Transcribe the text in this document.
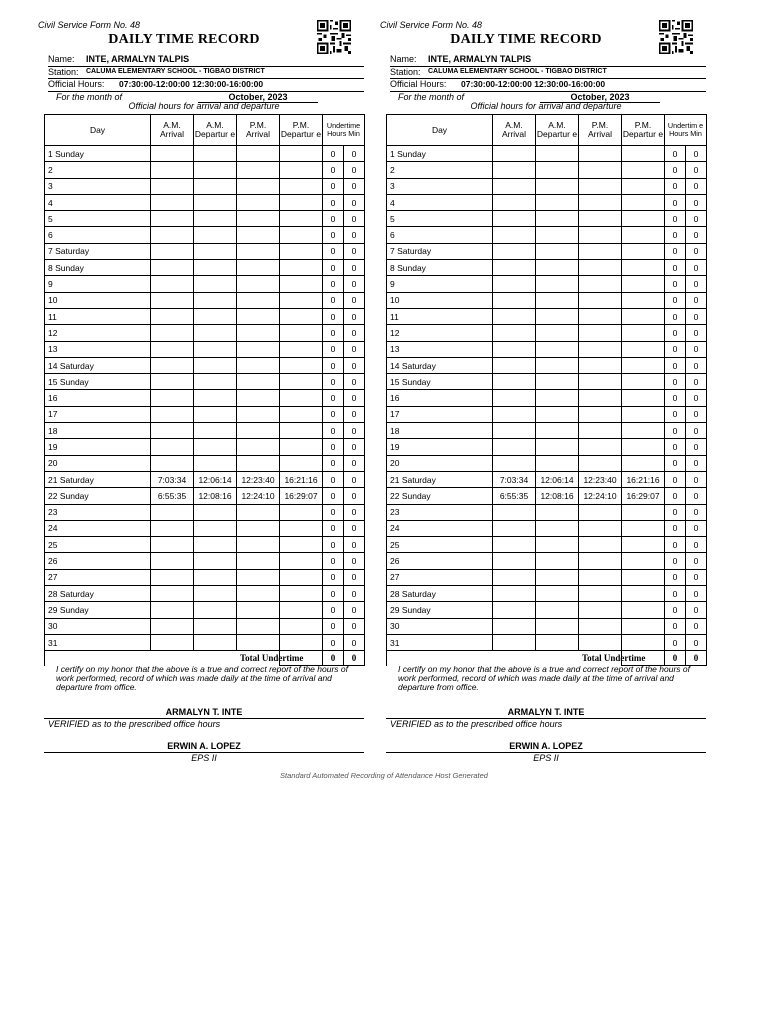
Civil Service Form No. 48
DAILY TIME RECORD
Name: INTE, ARMALYN TALPIS
Station: CALUMA ELEMENTARY SCHOOL - TIGBAO DISTRICT
Official Hours: 07:30:00-12:00:00 12:30:00-16:00:00
For the month of	October, 2023
Official hours for arrival and departure
Day	A.M. Arrival	A.M. Departur e	P.M. Arrival	P.M. Departur e	Undertime Hours Min
1 Sunday					0	0
2					0	0
3					0	0
4					0	0
5					0	0
6					0	0
7 Saturday					0	0
8 Sunday					0	0
9					0	0
10					0	0
11					0	0
12					0	0
13					0	0
14 Saturday					0	0
15 Sunday					0	0
16					0	0
17					0	0
18					0	0
19					0	0
20					0	0
21 Saturday	7:03:34	12:06:14	12:23:40	16:21:16	0	0
22 Sunday	6:55:35	12:08:16	12:24:10	16:29:07	0	0
23					0	0
24					0	0
25					0	0
26					0	0
27					0	0
28 Saturday					0	0
29 Sunday					0	0
30					0	0
31					0	0
	Total Undertime	0	0
I certify on my honor that the above is a true and correct report of the hours of work performed, record of which was made daily at the time of arrival and departure from office.
ARMALYN T. INTE
VERIFIED as to the prescribed office hours
ERWIN A. LOPEZ
EPS II
Civil Service Form No. 48
DAILY TIME RECORD
Name: INTE, ARMALYN TALPIS
Station: CALUMA ELEMENTARY SCHOOL - TIGBAO DISTRICT
Official Hours: 07:30:00-12:00:00 12:30:00-16:00:00
For the month of	October, 2023
Official hours for arrival and departure
Day	A.M. Arrival	A.M. Departur e	P.M. Arrival	P.M. Departur e	Undertim e Hours Min
1 Sunday					0	0
2					0	0
3					0	0
4					0	0
5					0	0
6					0	0
7 Saturday					0	0
8 Sunday					0	0
9					0	0
10					0	0
11					0	0
12					0	0
13					0	0
14 Saturday					0	0
15 Sunday					0	0
16					0	0
17					0	0
18					0	0
19					0	0
20					0	0
21 Saturday	7:03:34	12:06:14	12:23:40	16:21:16	0	0
22 Sunday	6:55:35	12:08:16	12:24:10	16:29:07	0	0
23					0	0
24					0	0
25					0	0
26					0	0
27					0	0
28 Saturday					0	0
29 Sunday					0	0
30					0	0
31					0	0
	Total Undertime	0	0
I certify on my honor that the above is a true and correct report of the hours of work performed, record of which was made daily at the time of arrival and departure from office.
ARMALYN T. INTE
VERIFIED as to the prescribed office hours
ERWIN A. LOPEZ
EPS II
Standard Automated Recording of Attendance Host Generated
